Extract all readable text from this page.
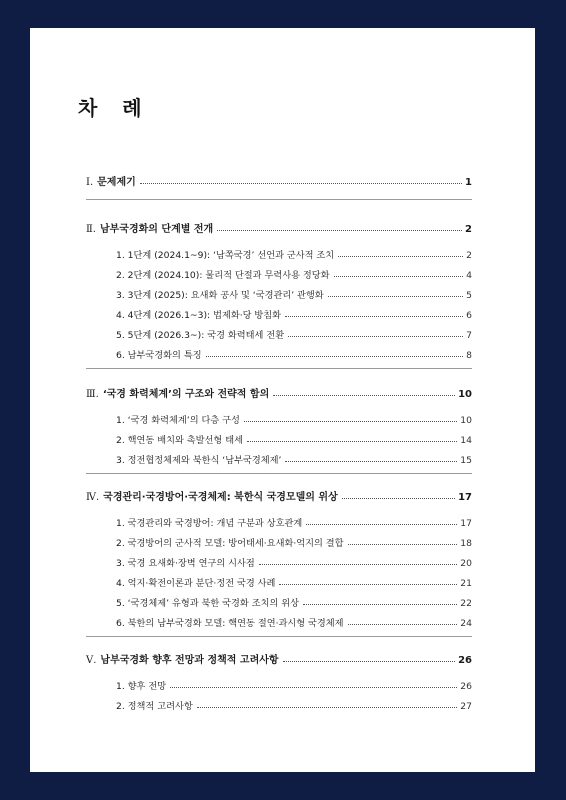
차 례
Ⅰ. 문제제기	1
Ⅱ. 남부국경화의 단계별 전개	2
1. 1단계 (2024.1~9): ‘남쪽국경’ 선언과 군사적 조치	2
2. 2단계 (2024.10): 물리적 단절과 무력사용 정당화	4
3. 3단계 (2025): 요새화 공사 및 ‘국경관리’ 관행화	5
4. 4단계 (2026.1~3): 법제화·당 방침화	6
5. 5단계 (2026.3~): 국경 화력태세 전환	7
6. 남부국경화의 특징	8
Ⅲ. ‘국경 화력체계’의 구조와 전략적 함의	10
1. ‘국경 화력체계’의 다층 구성	10
2. 핵연동 배치와 촉발선형 태세	14
3. 정전협정체제와 북한식 ‘남부국경체제’	15
Ⅳ. 국경관리·국경방어·국경체제: 북한식 국경모델의 위상	17
1. 국경관리와 국경방어: 개념 구분과 상호관계	17
2. 국경방어의 군사적 모델: 방어태세·요새화·억지의 결합	18
3. 국경 요새화·장벽 연구의 시사점	20
4. 억지·확전이론과 분단·정전 국경 사례	21
5. ‘국경체제’ 유형과 북한 국경화 조치의 위상	22
6. 북한의 남부국경화 모델: 핵연동 절연·과시형 국경체제	24
Ⅴ. 남부국경화 향후 전망과 정책적 고려사항	26
1. 향후 전망	26
2. 정책적 고려사항	27
